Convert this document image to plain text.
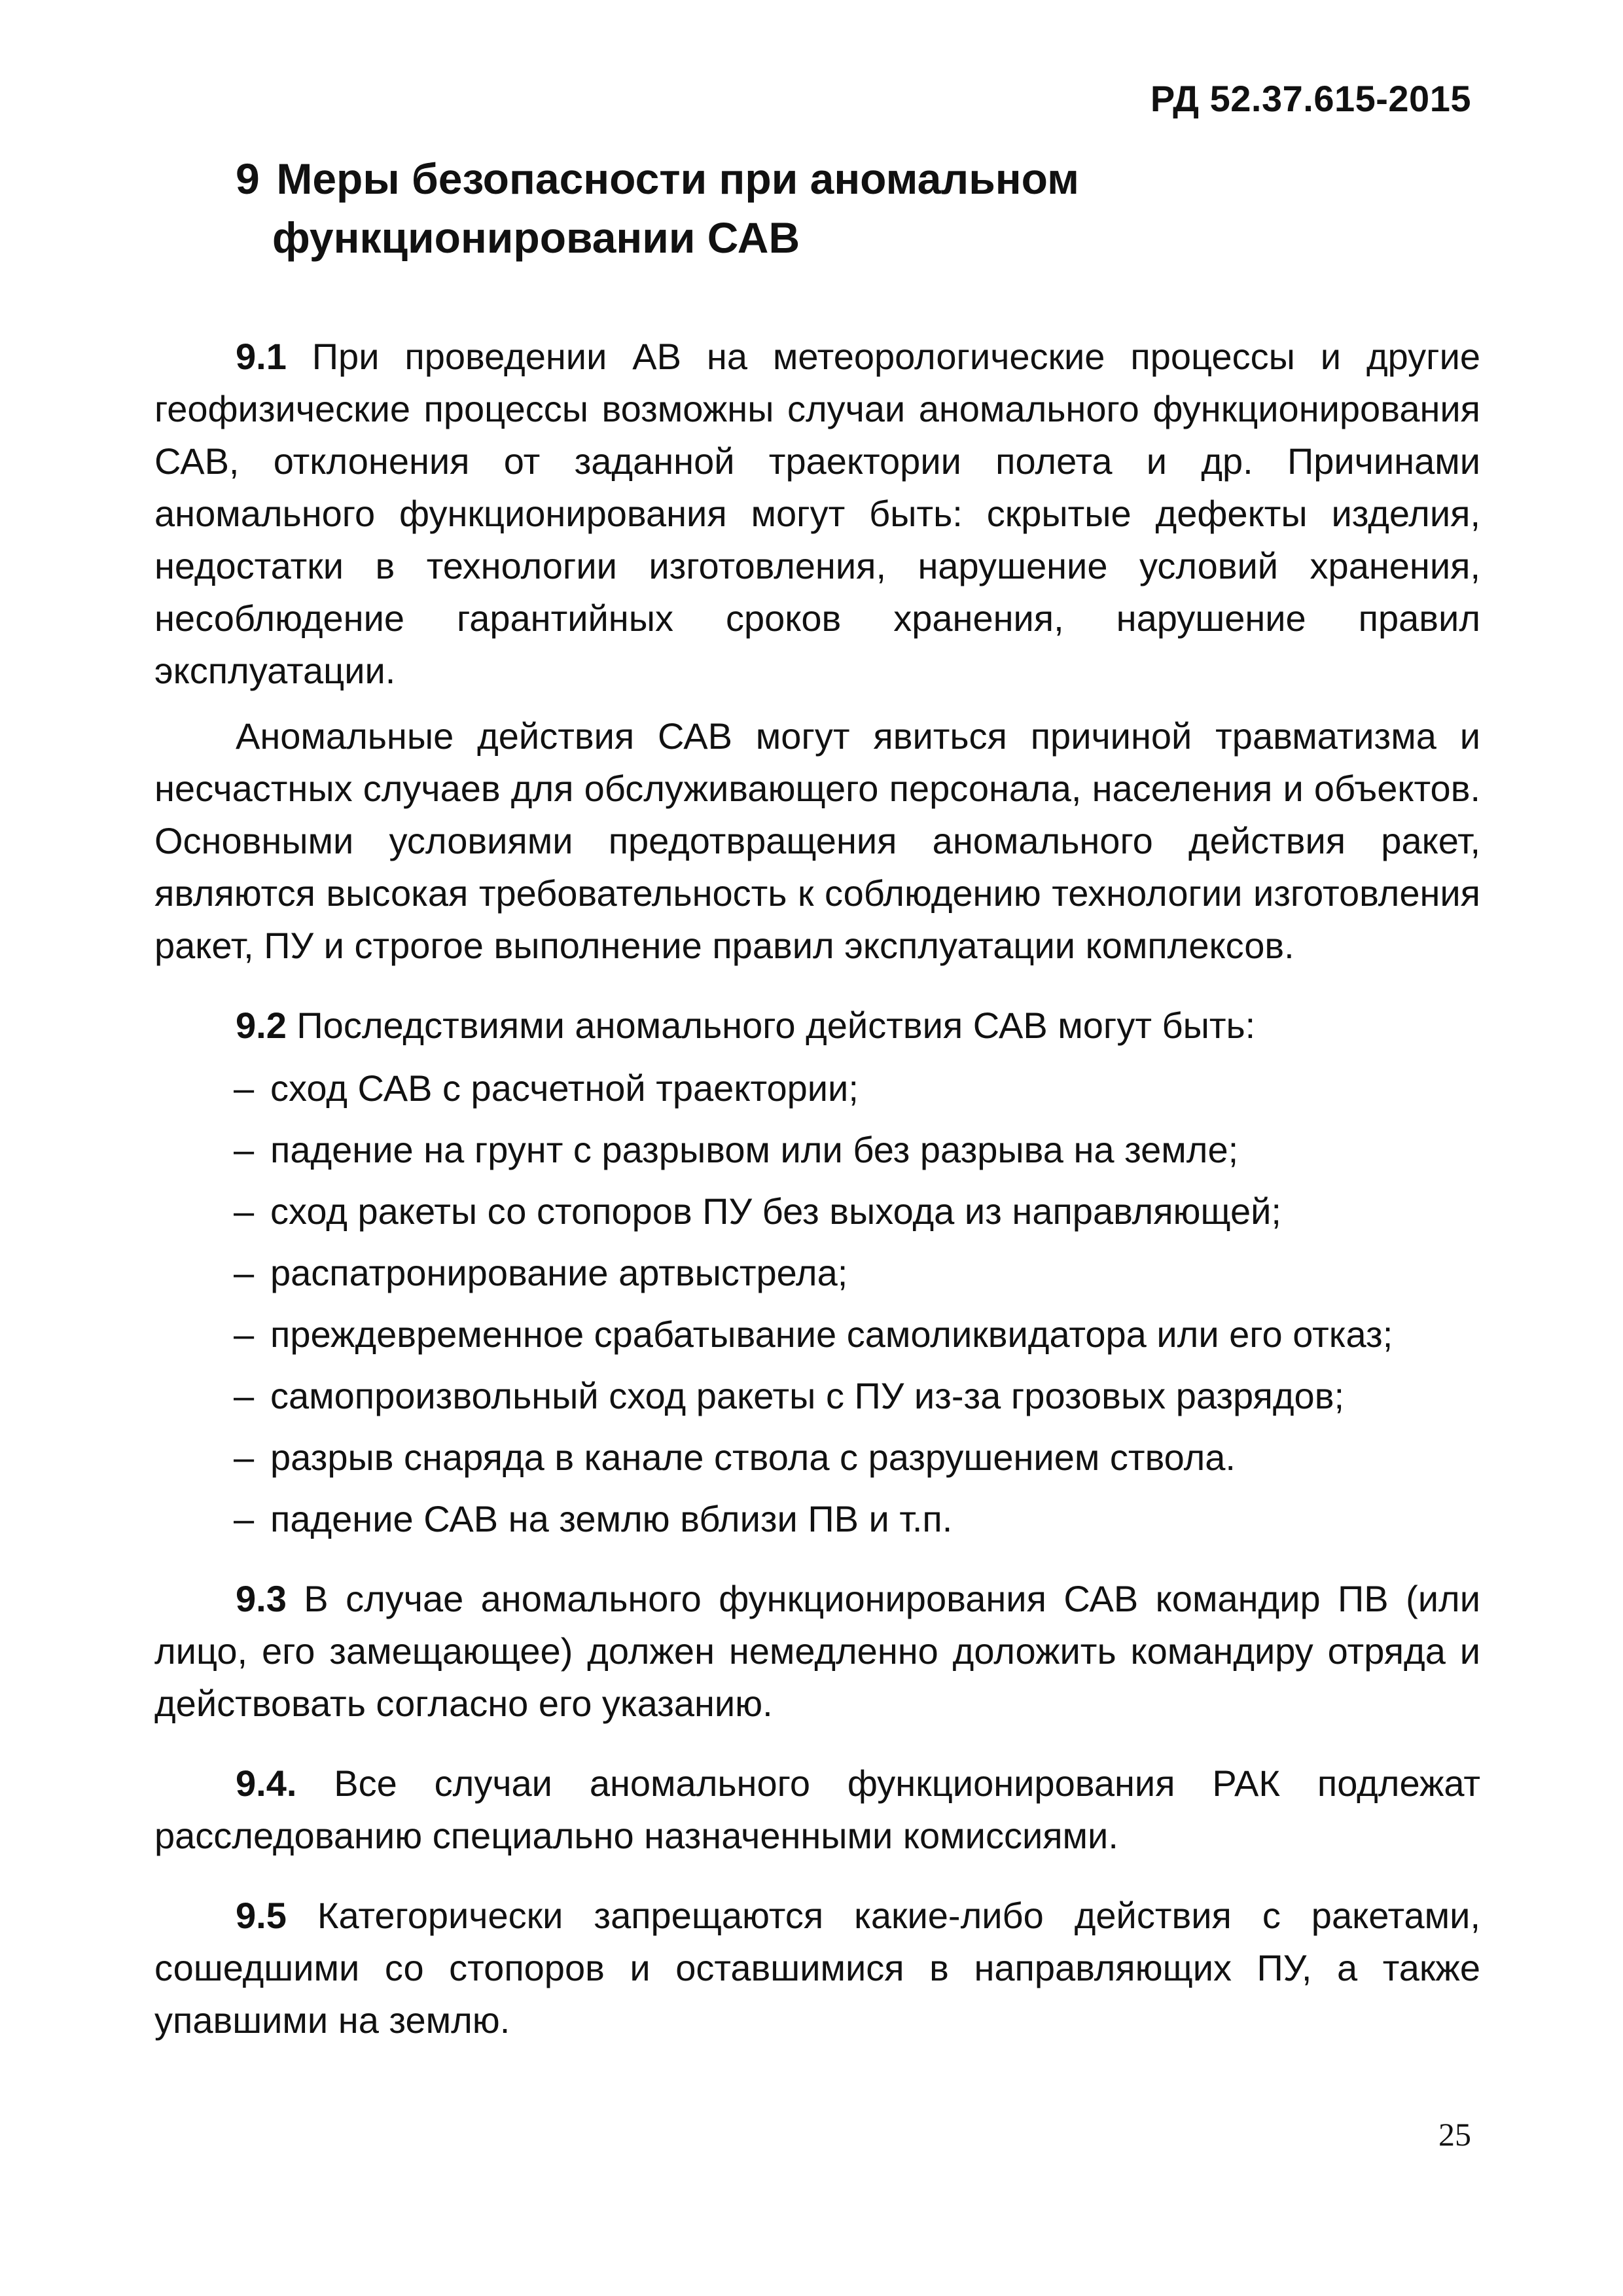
РД 52.37.615-2015
9 Меры безопасности при аномальном
функционировании САВ

9.1 При проведении АВ на метеорологические процессы и другие геофизические процессы возможны случаи аномального функционирования САВ, отклонения от заданной траектории полета и др. Причинами аномального функционирования могут быть: скрытые дефекты изделия, недостатки в технологии изготовления, нарушение условий хранения, несоблюдение гарантийных сроков хранения, нарушение правил эксплуатации.

Аномальные действия САВ могут явиться причиной травматизма и несчастных случаев для обслуживающего персонала, населения и объектов. Основными условиями предотвращения аномального действия ракет, являются высокая требовательность к соблюдению технологии изготовления ракет, ПУ и строгое выполнение правил эксплуатации комплексов.

9.2 Последствиями аномального действия САВ могут быть:

– сход САВ с расчетной траектории;
– падение на грунт с разрывом или без разрыва на земле;
– сход ракеты со стопоров ПУ без выхода из направляющей;
– распатронирование артвыстрела;
– преждевременное срабатывание самоликвидатора или его отказ;
– самопроизвольный сход ракеты с ПУ из-за грозовых разрядов;
– разрыв снаряда в канале ствола с разрушением ствола.
– падение САВ на землю вблизи ПВ и т.п.

9.3 В случае аномального функционирования САВ командир ПВ (или лицо, его замещающее) должен немедленно доложить командиру отряда и действовать согласно его указанию.

9.4. Все случаи аномального функционирования РАК подлежат расследованию специально назначенными комиссиями.

9.5 Категорически запрещаются какие-либо действия с ракетами, сошедшими со стопоров и оставшимися в направляющих ПУ, а также упавшими на землю.

25
